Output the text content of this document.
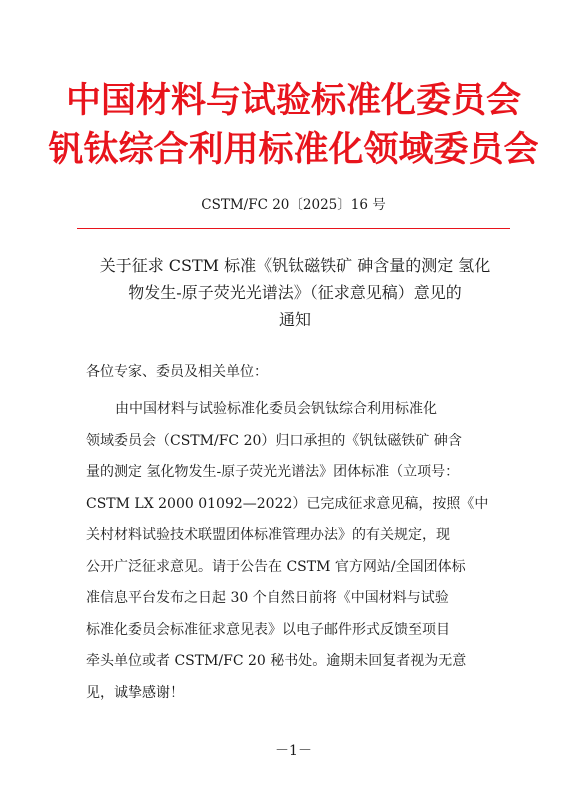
中国材料与试验标准化委员会
钒钛综合利用标准化领域委员会
CSTM/FC 20〔2025〕16 号
关于征求 CSTM 标准《钒钛磁铁矿 砷含量的测定 氢化
物发生-原子荧光光谱法》（征求意见稿）意见的
通知
各位专家、委员及相关单位：
由中国材料与试验标准化委员会钒钛综合利用标准化
领域委员会（CSTM/FC 20）归口承担的《钒钛磁铁矿 砷含
量的测定 氢化物发生-原子荧光光谱法》团体标准（立项号：
CSTM LX 2000 01092—2022）已完成征求意见稿，按照《中
关村材料试验技术联盟团体标准管理办法》的有关规定，现
公开广泛征求意见。请于公告在 CSTM 官方网站/全国团体标
准信息平台发布之日起 30 个自然日前将《中国材料与试验
标准化委员会标准征求意见表》以电子邮件形式反馈至项目
牵头单位或者 CSTM/FC 20 秘书处。逾期未回复者视为无意
见，诚挚感谢！
－1－
